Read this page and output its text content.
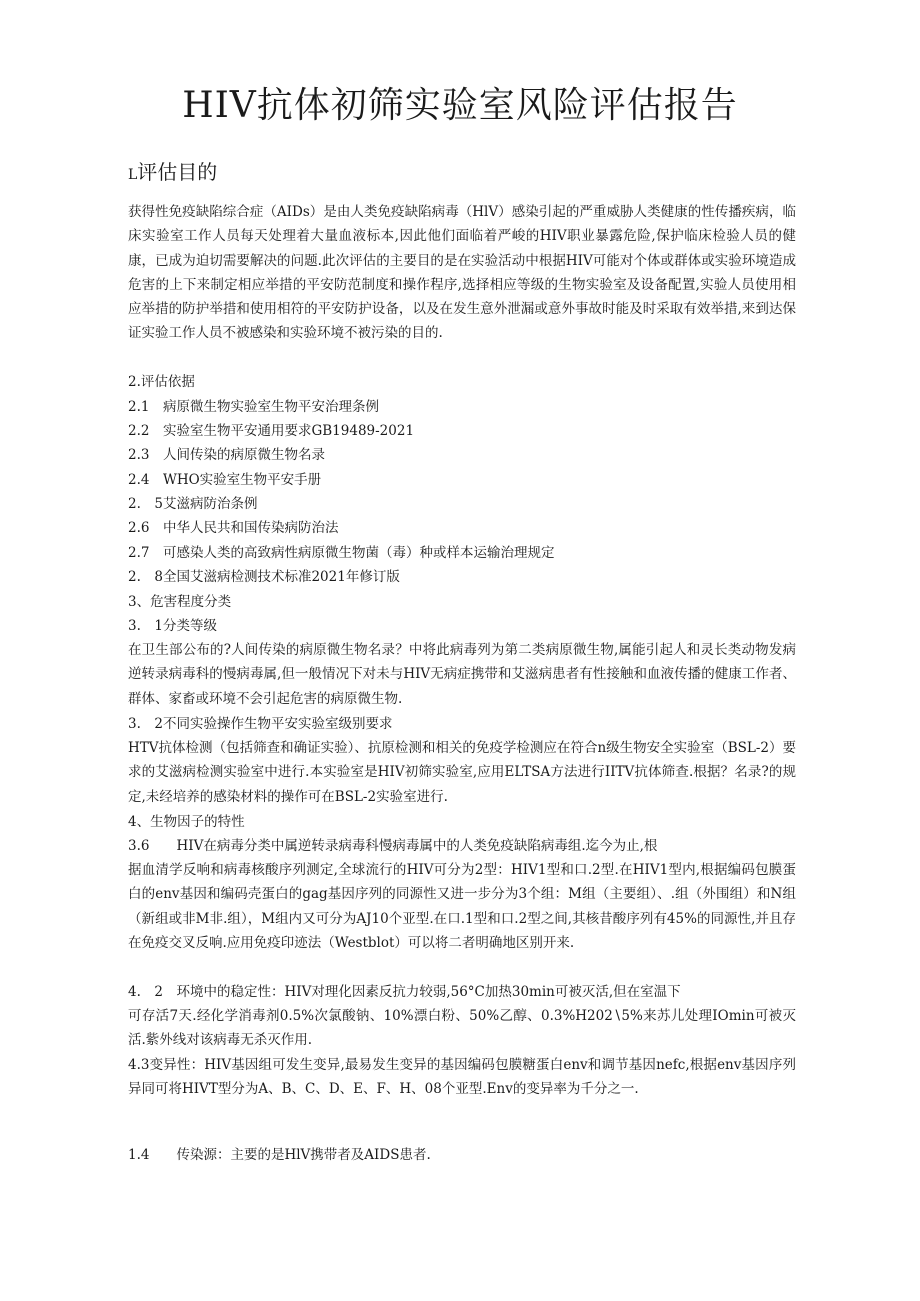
HIV抗体初筛实验室风险评估报告
L评估目的

获得性免疫缺陷综合症（AIDs）是由人类免疫缺陷病毒（HlV）感染引起的严重威胁人类健康的性传播疾病，临床实验室工作人员每天处理着大量血液标本,因此他们面临着严峻的HIV职业暴露危险,保护临床检验人员的健康，已成为迫切需要解决的问题.此次评估的主要目的是在实验活动中根据HIV可能对个体或群体或实验环境造成危害的上下来制定相应举措的平安防范制度和操作程序,选择相应等级的生物实验室及设备配置,实验人员使用相应举措的防护举措和使用相符的平安防护设备，以及在发生意外泄漏或意外事故时能及时采取有效举措,来到达保证实验工作人员不被感染和实验环境不被污染的目的.

2.评估依据

2.1　病原微生物实验室生物平安治理条例

2.2　实验室生物平安通用要求GB19489-2021

2.3　人间传染的病原微生物名录

2.4　WHO实验室生物平安手册

2.　5艾滋病防治条例

2.6　中华人民共和国传染病防治法

2.7　可感染人类的高致病性病原微生物菌（毒）种或样本运输治理规定

2.　8全国艾滋病检测技术标准2021年修订版

3、危害程度分类

3.　1分类等级

在卫生部公布的?人间传染的病原微生物名录？中将此病毒列为第二类病原微生物,属能引起人和灵长类动物发病逆转录病毒科的慢病毒属,但一般情况下对未与HIV无病症携带和艾滋病患者有性接触和血液传播的健康工作者、群体、家畜或环境不会引起危害的病原微生物.

3.　2不同实验操作生物平安实验室级别要求

HTV抗体检测（包括筛查和确证实验）、抗原检测和相关的免疫学检测应在符合n级生物安全实验室（BSL-2）要求的艾滋病检测实验室中进行.本实验室是HIV初筛实验室,应用ELTSA方法进行IITV抗体筛查.根据？名录?的规定,未经培养的感染材料的操作可在BSL-2实验室进行.

4、生物因子的特性

3.6　　HIV在病毒分类中属逆转录病毒科慢病毒属中的人类免疫缺陷病毒组.迄今为止,根

据血清学反响和病毒核酸序列测定,全球流行的HIV可分为2型：HIV1型和口.2型.在HIV1型内,根据编码包膜蛋白的env基因和编码壳蛋白的gag基因序列的同源性又进一步分为3个组：M组（主要组）、.组（外围组）和N组（新组或非M非.组），M组内又可分为AJ10个亚型.在口.1型和口.2型之间,其核昔酸序列有45%的同源性,并且存在免疫交叉反响.应用免疫印迹法（Westblot）可以将二者明确地区别开来.

4.　2　环境中的稳定性：HIV对理化因素反抗力较弱,56°C加热30min可被灭活,但在室温下

可存活7天.经化学消毒剂0.5%次氯酸钠、10%漂白粉、50%乙醇、0.3%H202∖5%来苏儿处理IOmin可被灭活.紫外线对该病毒无杀灭作用.

4.3变异性：HIV基因组可发生变异,最易发生变异的基因编码包膜糖蛋白env和调节基因nefc,根据env基因序列异同可将HIVT型分为A、B、C、D、E、F、H、08个亚型.Env的变异率为千分之一.

1.4　　传染源：主要的是HlV携带者及AIDS患者.
